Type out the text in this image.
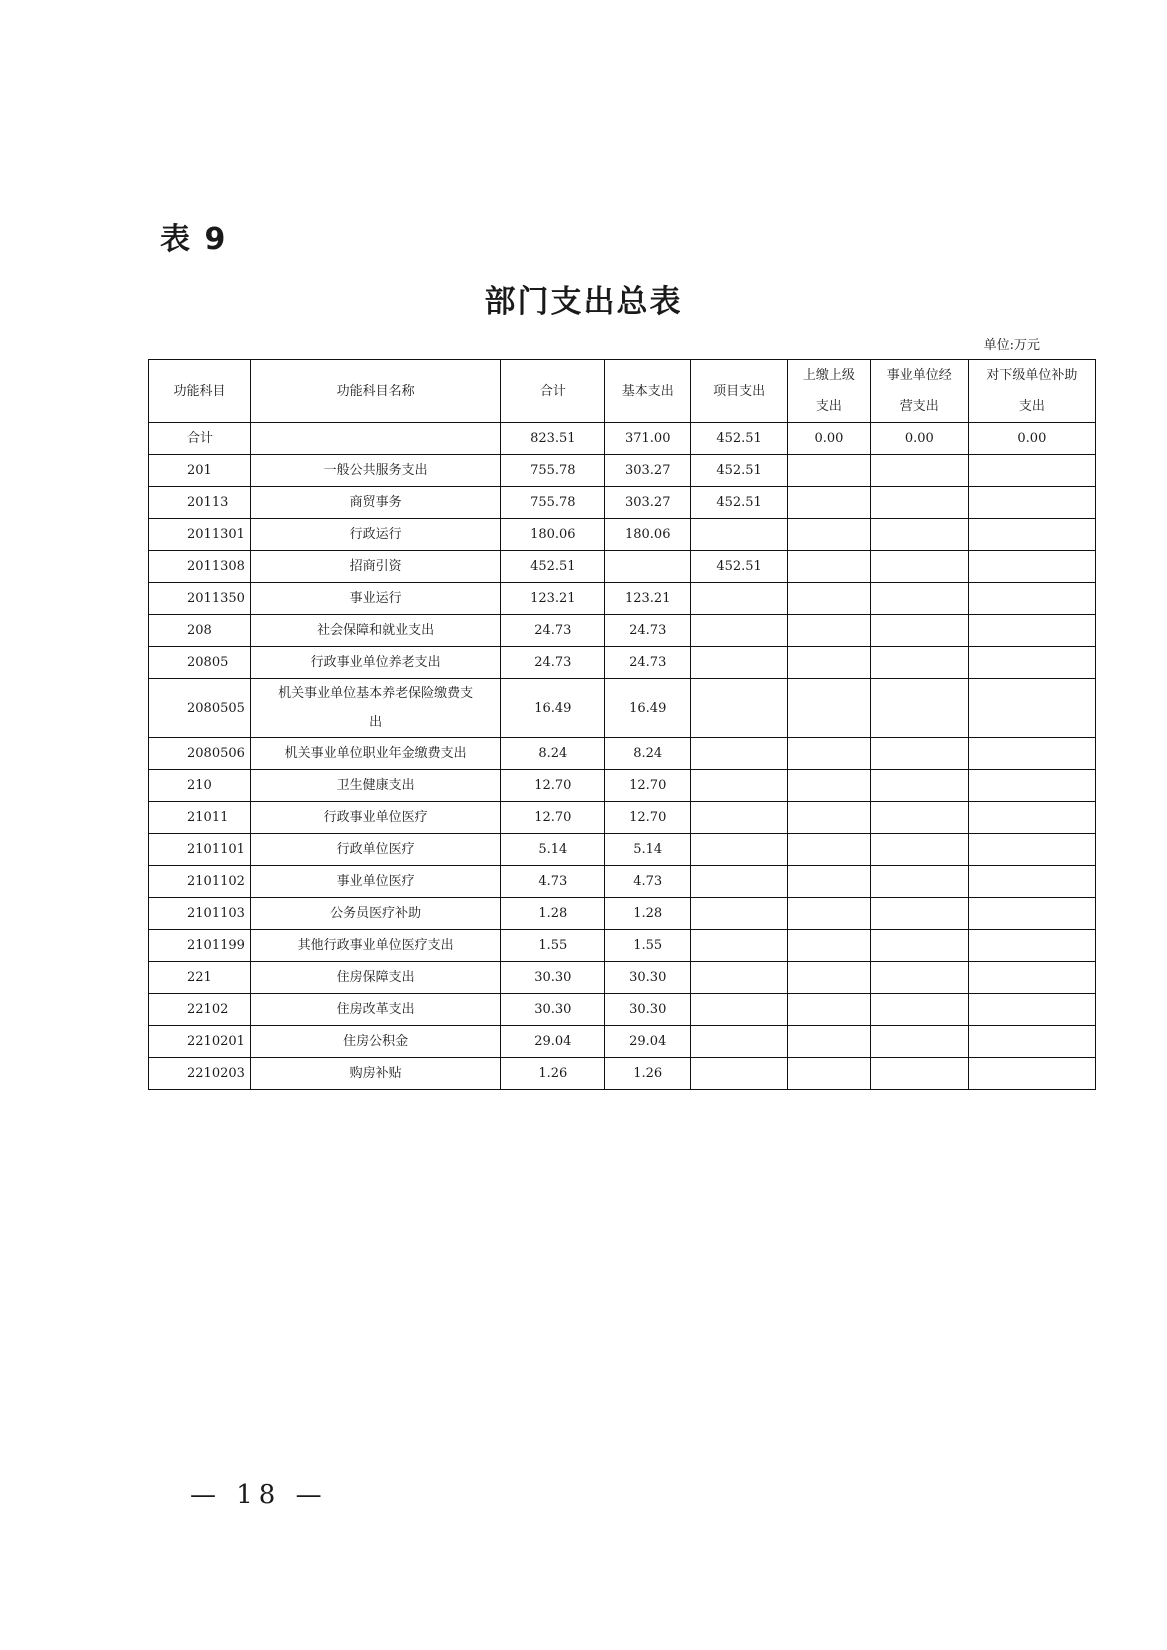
表 9
部门支出总表
单位:万元
功能科目	功能科目名称	合计	基本支出	项目支出	上缴上级支出	事业单位经营支出	对下级单位补助支出
合计		823.51	371.00	452.51	0.00	0.00	0.00
201	一般公共服务支出	755.78	303.27	452.51			
20113	商贸事务	755.78	303.27	452.51			
2011301	行政运行	180.06	180.06				
2011308	招商引资	452.51		452.51			
2011350	事业运行	123.21	123.21				
208	社会保障和就业支出	24.73	24.73				
20805	行政事业单位养老支出	24.73	24.73				
2080505	机关事业单位基本养老保险缴费支出	16.49	16.49				
2080506	机关事业单位职业年金缴费支出	8.24	8.24				
210	卫生健康支出	12.70	12.70				
21011	行政事业单位医疗	12.70	12.70				
2101101	行政单位医疗	5.14	5.14				
2101102	事业单位医疗	4.73	4.73				
2101103	公务员医疗补助	1.28	1.28				
2101199	其他行政事业单位医疗支出	1.55	1.55				
221	住房保障支出	30.30	30.30				
22102	住房改革支出	30.30	30.30				
2210201	住房公积金	29.04	29.04				
2210203	购房补贴	1.26	1.26				
— 18 —
